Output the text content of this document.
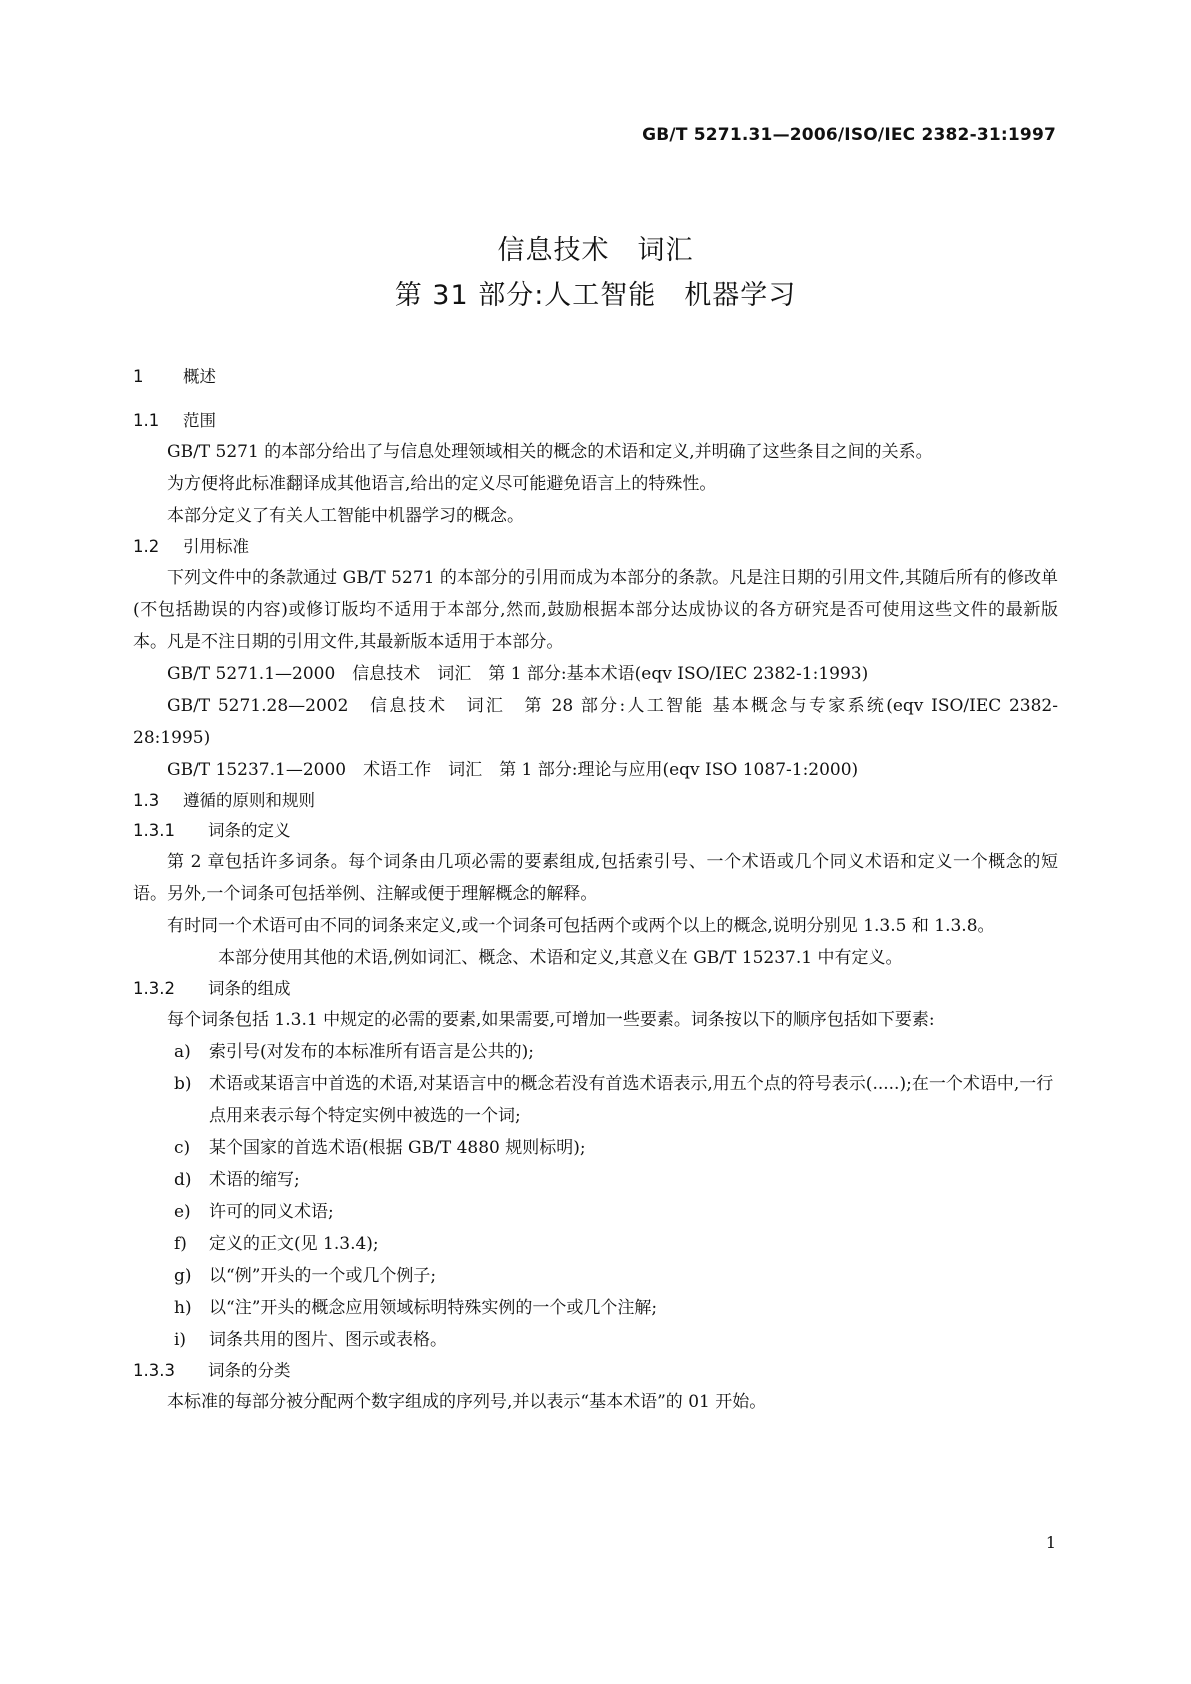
GB/T 5271.31—2006/ISO/IEC 2382-31:1997
信息技术　词汇
第 31 部分:人工智能　机器学习
1 概述
1.1 范围

GB/T 5271 的本部分给出了与信息处理领域相关的概念的术语和定义,并明确了这些条目之间的关系。

为方便将此标准翻译成其他语言,给出的定义尽可能避免语言上的特殊性。

本部分定义了有关人工智能中机器学习的概念。

1.2 引用标准

下列文件中的条款通过 GB/T 5271 的本部分的引用而成为本部分的条款。凡是注日期的引用文件,其随后所有的修改单(不包括勘误的内容)或修订版均不适用于本部分,然而,鼓励根据本部分达成协议的各方研究是否可使用这些文件的最新版本。凡是不注日期的引用文件,其最新版本适用于本部分。

GB/T 5271.1—2000　信息技术　词汇　第 1 部分:基本术语(eqv ISO/IEC 2382-1:1993)

GB/T 5271.28—2002　信息技术　词汇　第 28 部分:人工智能 基本概念与专家系统(eqv ISO/IEC 2382-28:1995)

GB/T 15237.1—2000　术语工作　词汇　第 1 部分:理论与应用(eqv ISO 1087-1:2000)

1.3 遵循的原则和规则
1.3.1 词条的定义

第 2 章包括许多词条。每个词条由几项必需的要素组成,包括索引号、一个术语或几个同义术语和定义一个概念的短语。另外,一个词条可包括举例、注解或便于理解概念的解释。

有时同一个术语可由不同的词条来定义,或一个词条可包括两个或两个以上的概念,说明分别见 1.3.5 和 1.3.8。

本部分使用其他的术语,例如词汇、概念、术语和定义,其意义在 GB/T 15237.1 中有定义。

1.3.2 词条的组成

每个词条包括 1.3.1 中规定的必需的要素,如果需要,可增加一些要素。词条按以下的顺序包括如下要素:

a) 索引号(对发布的本标准所有语言是公共的);
b) 术语或某语言中首选的术语,对某语言中的概念若没有首选术语表示,用五个点的符号表示(.....);在一个术语中,一行点用来表示每个特定实例中被选的一个词;
c) 某个国家的首选术语(根据 GB/T 4880 规则标明);
d) 术语的缩写;
e) 许可的同义术语;
f) 定义的正文(见 1.3.4);
g) 以“例”开头的一个或几个例子;
h) 以“注”开头的概念应用领域标明特殊实例的一个或几个注解;
i) 词条共用的图片、图示或表格。
1.3.3 词条的分类

本标准的每部分被分配两个数字组成的序列号,并以表示“基本术语”的 01 开始。

1
